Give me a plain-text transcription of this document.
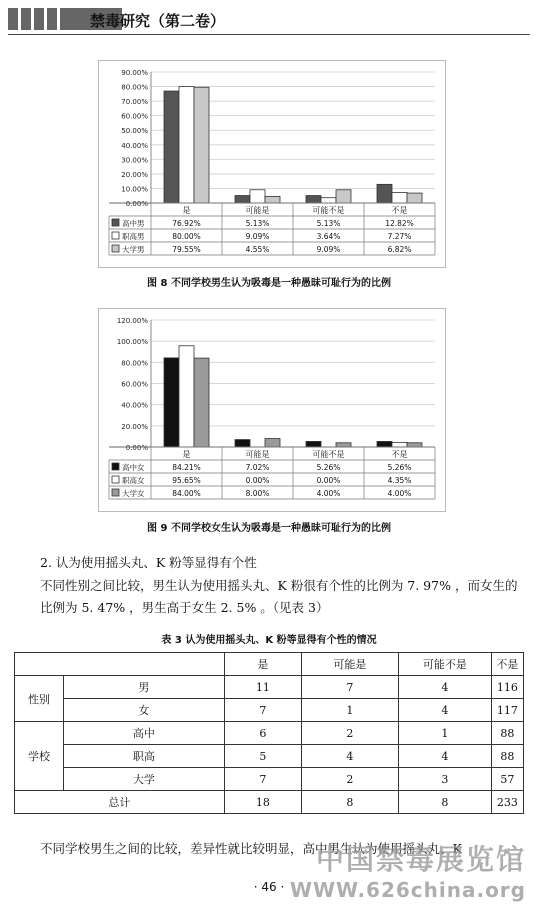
禁毒研究（第二卷）
0.00%
10.00%
20.00%
30.00%
40.00%
50.00%
60.00%
70.00%
80.00%
90.00%
是	可能是	可能不是	不是
高中男	76.92%	5.13%	5.13%	12.82%
职高男	80.00%	9.09%	3.64%	7.27%
大学男	79.55%	4.55%	9.09%	6.82%
图 8 不同学校男生认为吸毒是一种愚昧可耻行为的比例
0.00%
20.00%
40.00%
60.00%
80.00%
100.00%
120.00%
是	可能是	可能不是	不是
高中女	84.21%	7.02%	5.26%	5.26%
职高女	95.65%	0.00%	0.00%	4.35%
大学女	84.00%	8.00%	4.00%	4.00%
图 9 不同学校女生认为吸毒是一种愚昧可耻行为的比例
2. 认为使用摇头丸、K 粉等显得有个性
不同性别之间比较，男生认为使用摇头丸、K 粉很有个性的比例为 7. 97% ，而女生的比例为 5. 47% ，男生高于女生 2. 5% 。（见表 3）
表 3 认为使用摇头丸、K 粉等显得有个性的情况
		是	可能是	可能不是	不是
性别	男	11	7	4	116
	女	7	1	4	117
学校	高中	6	2	1	88
	职高	5	4	4	88
	大学	7	2	3	57
总计		18	8	8	233
不同学校男生之间的比较，差异性就比较明显，高中男生认为使用摇头丸、K
中国禁毒展览馆
WWW.626china.org
· 46 ·
